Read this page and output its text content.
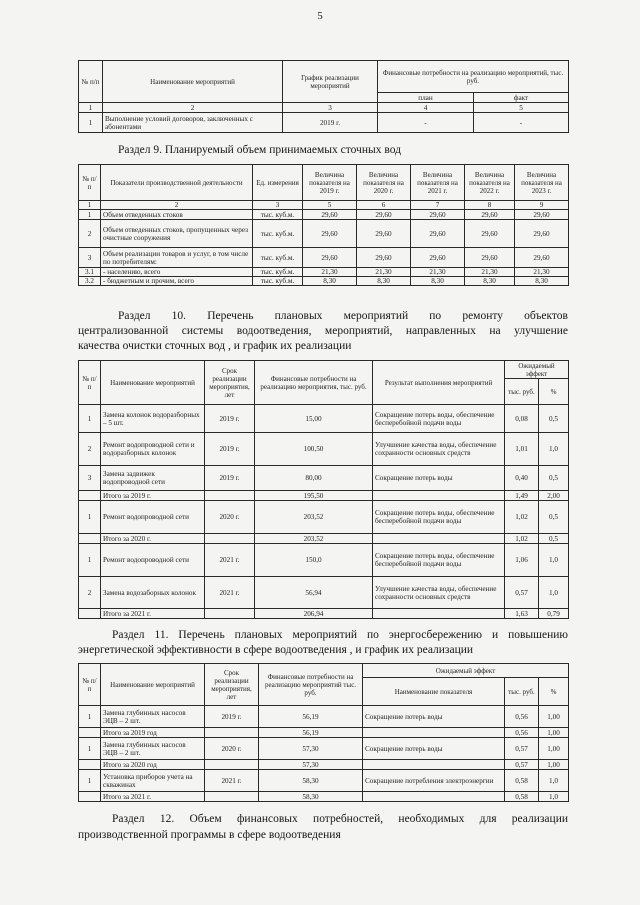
5
№ п/п	Наименование мероприятий	График реализации мероприятий	Финансовые потребности на реализацию мероприятий, тыс. руб.	
			план	факт
1	2	3	4	5
1	Выполнение условий договоров, заключенных с абонентами	2019 г.	-	-
Раздел 9. Планируемый объем принимаемых сточных вод
№ п/п	Показатели производственной деятельности	Ед. измерения	Величина показателя на 2019 г.	Величина показателя на 2020 г.	Величина показателя на 2021 г.	Величина показателя на 2022 г.	Величина показателя на 2023 г.
1	2	3	5	6	7	8	9
1	Объем отведенных стоков	тыс. куб.м.	29,60	29,60	29,60	29,60	29,60
2	Объем отведенных стоков, пропущенных через очистные сооружения	тыс. куб.м.	29,60	29,60	29,60	29,60	29,60
3	Объем реализации товаров и услуг, в том числе по потребителям:	тыс. куб.м.	29,60	29,60	29,60	29,60	29,60
3.1	- населению, всего	тыс. куб.м.	21,30	21,30	21,30	21,30	21,30
3.2	- бюджетным и прочим, всего	тыс. куб.м.	8,30	8,30	8,30	8,30	8,30
Раздел 10. Перечень плановых мероприятий по ремонту объектов
централизованной системы водоотведения, мероприятий, направленных на улучшение
качества очистки сточных вод , и график их реализации
№ п/ п	Наименование мероприятий	Срок реализации мероприятия, лет	Финансовые потребности на реализацию мероприятия, тыс. руб.	Результат выполнения мероприятий	Ожидаемый эффект	
					тыс. руб.	%
1	Замена колонок водоразборных – 5 шт.	2019 г.	15,00	Сокращение потерь воды, обеспечение бесперебойной подачи воды	0,08	0,5
2	Ремонт водопроводной сети и водоразборных колонок	2019 г.	100,50	Улучшение качества воды, обеспечение сохранности основных средств	1,01	1,0
3	Замена задвижек водопроводной сети	2019 г.	80,00	Сокращение потерь воды	0,40	0,5
	Итого за 2019 г.		195,50		1,49	2,00
1	Ремонт водопроводной сети	2020 г.	203,52	Сокращение потерь воды, обеспечение бесперебойной подачи воды	1,02	0,5
	Итого за 2020 г.		203,52		1,02	0,5
1	Ремонт водопроводной сети	2021 г.	150,0	Сокращение потерь воды, обеспечение бесперебойной подачи воды	1,06	1,0
2	Замена водозаборных колонок	2021 г.	56,94	Улучшение качества воды, обеспечение сохранности основных средств	0,57	1,0
	Итого за 2021 г.		206,94		1,63	0,79
Раздел 11. Перечень плановых мероприятий по энергосбережению и повышению
энергетической эффективности в сфере водоотведения , и график их реализации
№ п/ п	Наименование мероприятий	Срок реализации мероприятия, лет	Финансовые потребности на реализацию мероприятий тыс. руб.	Ожидаемый эффект		
				Наименование показателя	тыс. руб.	%
1	Замена глубинных насосов ЭЦВ – 2 шт.	2019 г.	56,19	Сокращение потерь воды	0,56	1,00
	Итого за 2019 год		56,19		0,56	1,00
1	Замена глубинных насосов ЭЦВ – 2 шт.	2020 г.	57,30	Сокращение потерь воды	0,57	1,00
	Итого за 2020 год		57,30		0,57	1,00
1	Установка приборов учета на скважинах	2021 г.	58,30	Сокращение потребления электроэнергии	0,58	1,0
	Итого за 2021 г.		58,30		0,58	1,0
Раздел 12. Объем финансовых потребностей, необходимых для реализации
производственной программы в сфере водоотведения
